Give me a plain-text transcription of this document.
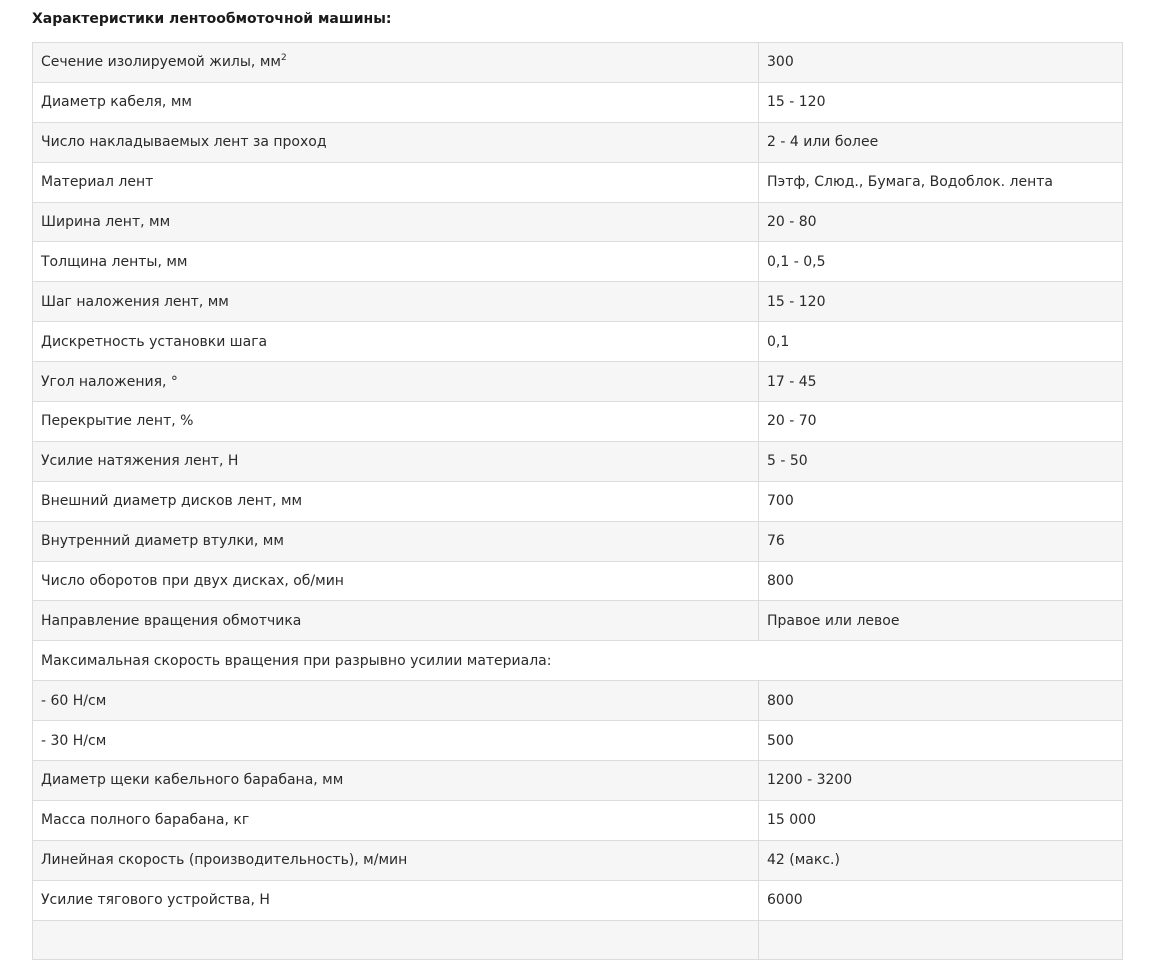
Характеристики лентообмоточной машины:
Сечение изолируемой жилы, $мм^2$	300
Диаметр кабеля, мм	15 - 120
Число накладываемых лент за проход	2 - 4 или более
Материал лент	Пэтф, Слюд., Бумага, Водоблок. лента
Ширина лент, мм	20 - 80
Толщина ленты, мм	0,1 - 0,5
Шаг наложения лент, мм	15 - 120
Дискретность установки шага	0,1
Угол наложения, °	17 - 45
Перекрытие лент, %	20 - 70
Усилие натяжения лент, Н	5 - 50
Внешний диаметр дисков лент, мм	700
Внутренний диаметр втулки, мм	76
Число оборотов при двух дисках, об/мин	800
Направление вращения обмотчика	Правое или левое
Максимальная скорость вращения при разрывно усилии материала:	
- 60 Н/см	800
- 30 Н/см	500
Диаметр щеки кабельного барабана, мм	1200 - 3200
Масса полного барабана, кг	15 000
Линейная скорость (производительность), м/мин	42 (макс.)
Усилие тягового устройства, Н	6000
